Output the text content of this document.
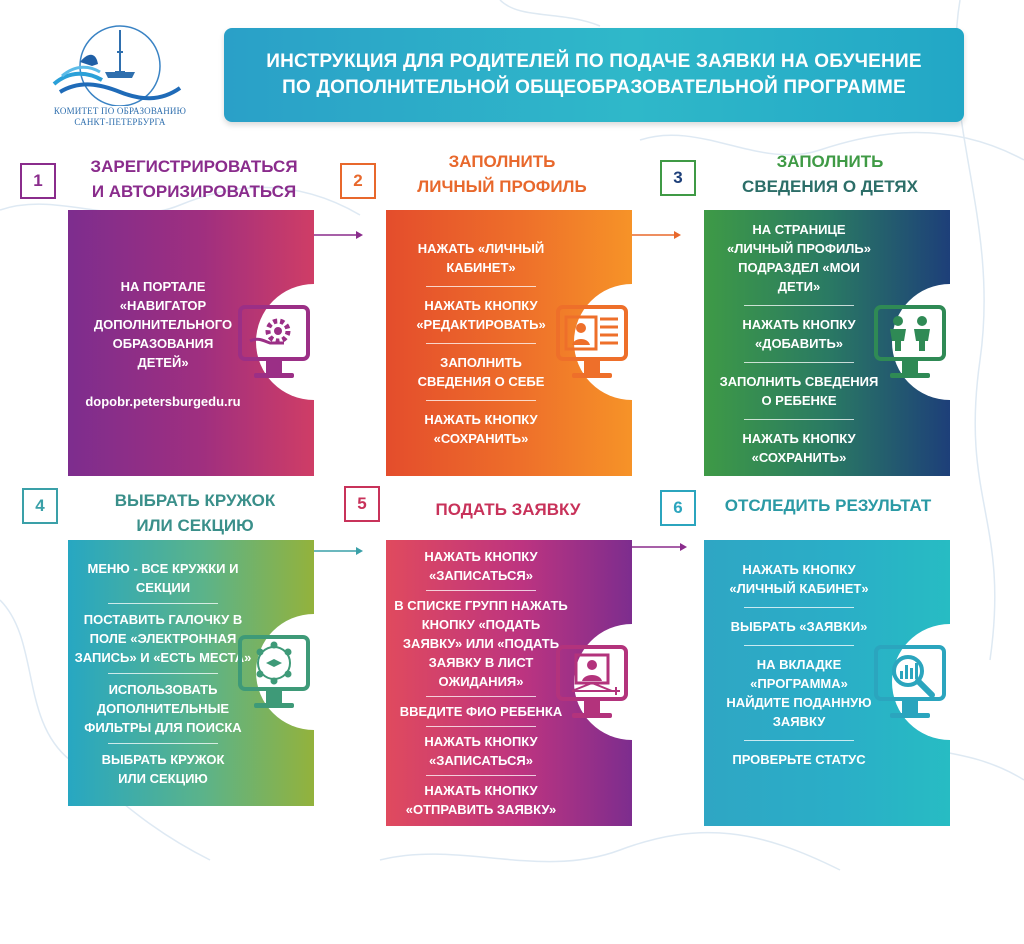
КОМИТЕТ ПО ОБРАЗОВАНИЮ
САНКТ-ПЕТЕРБУРГА
ИНСТРУКЦИЯ ДЛЯ РОДИТЕЛЕЙ ПО ПОДАЧЕ ЗАЯВКИ НА ОБУЧЕНИЕ
ПО ДОПОЛНИТЕЛЬНОЙ ОБЩЕОБРАЗОВАТЕЛЬНОЙ ПРОГРАММЕ
1
ЗАРЕГИСТРИРОВАТЬСЯ
И АВТОРИЗИРОВАТЬСЯ
НА ПОРТАЛЕ «НАВИГАТОР ДОПОЛНИТЕЛЬНОГО ОБРАЗОВАНИЯ ДЕТЕЙ»
dopobr.petersburgedu.ru
2
ЗАПОЛНИТЬ
ЛИЧНЫЙ ПРОФИЛЬ
НАЖАТЬ «ЛИЧНЫЙ КАБИНЕТ»
НАЖАТЬ КНОПКУ «РЕДАКТИРОВАТЬ»
ЗАПОЛНИТЬ СВЕДЕНИЯ О СЕБЕ
НАЖАТЬ КНОПКУ «СОХРАНИТЬ»
3
ЗАПОЛНИТЬ
СВЕДЕНИЯ О ДЕТЯХ
НА СТРАНИЦЕ «ЛИЧНЫЙ ПРОФИЛЬ» ПОДРАЗДЕЛ «МОИ ДЕТИ»
НАЖАТЬ КНОПКУ «ДОБАВИТЬ»
ЗАПОЛНИТЬ СВЕДЕНИЯ О РЕБЕНКЕ
НАЖАТЬ КНОПКУ «СОХРАНИТЬ»
4	ВЫБРАТЬ КРУЖОК
ИЛИ СЕКЦИЮ
МЕНЮ - ВСЕ КРУЖКИ И СЕКЦИИ
ПОСТАВИТЬ ГАЛОЧКУ В ПОЛЕ «ЭЛЕКТРОННАЯ ЗАПИСЬ» И «ЕСТЬ МЕСТА»
ИСПОЛЬЗОВАТЬ ДОПОЛНИТЕЛЬНЫЕ ФИЛЬТРЫ ДЛЯ ПОИСКА
ВЫБРАТЬ КРУЖОК ИЛИ СЕКЦИЮ
5	ПОДАТЬ ЗАЯВКУ
НАЖАТЬ КНОПКУ «ЗАПИСАТЬСЯ»
В СПИСКЕ ГРУПП НАЖАТЬ КНОПКУ «ПОДАТЬ ЗАЯВКУ» ИЛИ «ПОДАТЬ ЗАЯВКУ В ЛИСТ ОЖИДАНИЯ»
ВВЕДИТЕ ФИО РЕБЕНКА
НАЖАТЬ КНОПКУ «ЗАПИСАТЬСЯ»
НАЖАТЬ КНОПКУ «ОТПРАВИТЬ ЗАЯВКУ»
6	ОТСЛЕДИТЬ РЕЗУЛЬТАТ
НАЖАТЬ КНОПКУ «ЛИЧНЫЙ КАБИНЕТ»
ВЫБРАТЬ «ЗАЯВКИ»
НА ВКЛАДКЕ «ПРОГРАММА» НАЙДИТЕ ПОДАННУЮ ЗАЯВКУ
ПРОВЕРЬТЕ СТАТУС
